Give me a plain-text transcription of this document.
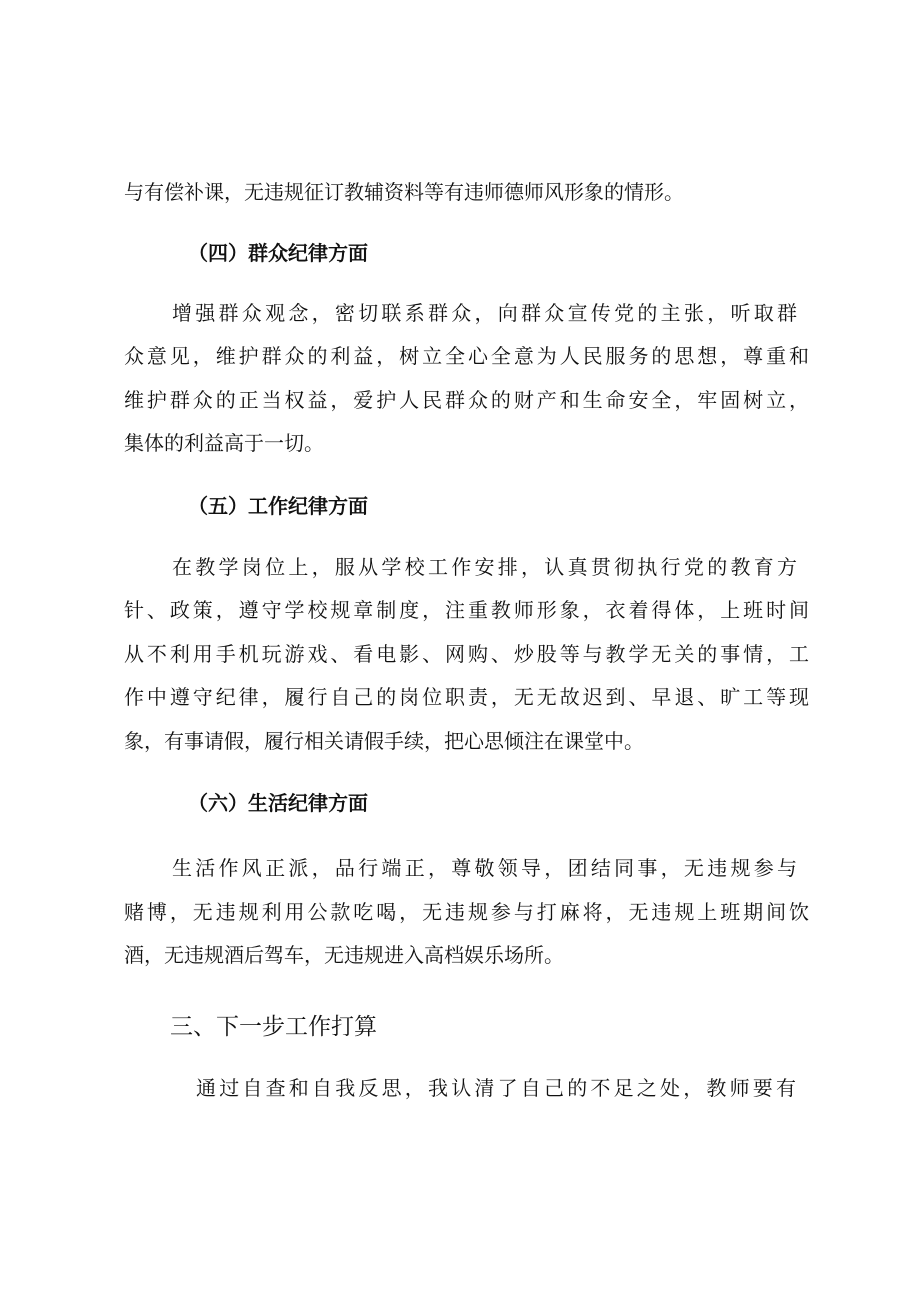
与有偿补课，无违规征订教辅资料等有违师德师风形象的情形。
（四）群众纪律方面
增强群众观念，密切联系群众，向群众宣传党的主张，听取群
众意见，维护群众的利益，树立全心全意为人民服务的思想，尊重和
维护群众的正当权益，爱护人民群众的财产和生命安全，牢固树立，
集体的利益高于一切。
（五）工作纪律方面
在教学岗位上，服从学校工作安排，认真贯彻执行党的教育方
针、政策，遵守学校规章制度，注重教师形象，衣着得体，上班时间
从不利用手机玩游戏、看电影、网购、炒股等与教学无关的事情，工
作中遵守纪律，履行自己的岗位职责，无无故迟到、早退、旷工等现
象，有事请假，履行相关请假手续，把心思倾注在课堂中。
（六）生活纪律方面
生活作风正派，品行端正，尊敬领导，团结同事，无违规参与
赌博，无违规利用公款吃喝，无违规参与打麻将，无违规上班期间饮
酒，无违规酒后驾车，无违规进入高档娱乐场所。
三、下一步工作打算
通过自查和自我反思，我认清了自己的不足之处，教师要有
